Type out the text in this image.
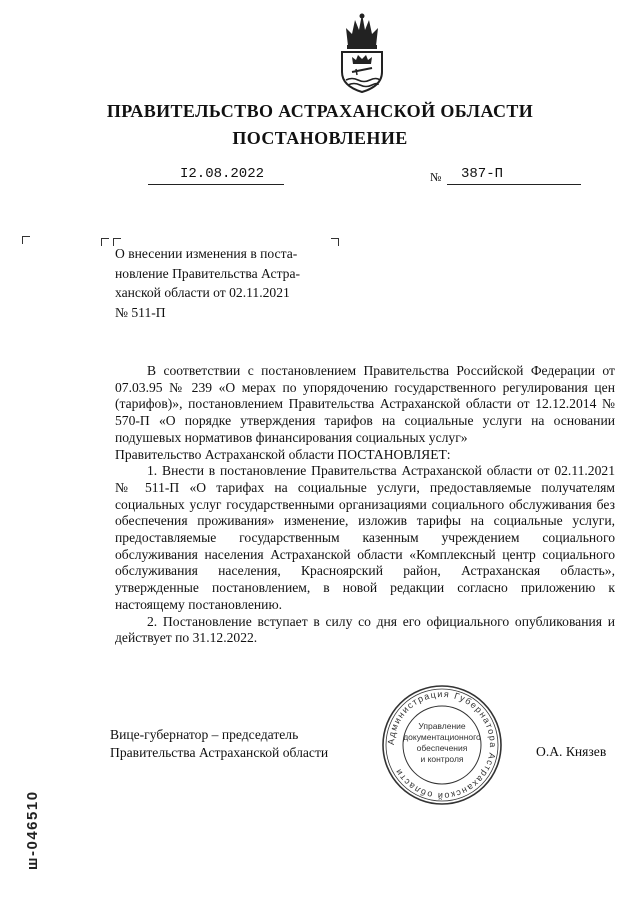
ПРАВИТЕЛЬСТВО АСТРАХАНСКОЙ ОБЛАСТИ
ПОСТАНОВЛЕНИЕ
I2.08.2022	№ 387-П
О внесении изменения в поста-
новление Правительства Астра-
ханской области от 02.11.2021
№ 511-П

В соответствии с постановлением Правительства Российской Федерации от 07.03.95 № 239 «О мерах по упорядочению государственного регулирования цен (тарифов)», постановлением Правительства Астраханской области от 12.12.2014 № 570-П «О порядке утверждения тарифов на социальные услуги на основании подушевых нормативов финансирования социальных услуг»

Правительство Астраханской области ПОСТАНОВЛЯЕТ:

1. Внести в постановление Правительства Астраханской области от 02.11.2021 № 511-П «О тарифах на социальные услуги, предоставляемые получателям социальных услуг государственными организациями социального обслуживания без обеспечения проживания» изменение, изложив тарифы на социальные услуги, предоставляемые государственным казенным учреждением социального обслуживания населения Астраханской области «Комплексный центр социального обслуживания населения, Красноярский район, Астраханская область», утвержденные постановлением, в новой редакции согласно приложению к настоящему постановлению.

2. Постановление вступает в силу со дня его официального опубликования и действует по 31.12.2022.

Вице-губернатор – председатель
Правительства Астраханской области	О.А. Князев
Администрация Губернатора Астраханской области
Управление
документационного
обеспечения
и контроля
ш-046510
